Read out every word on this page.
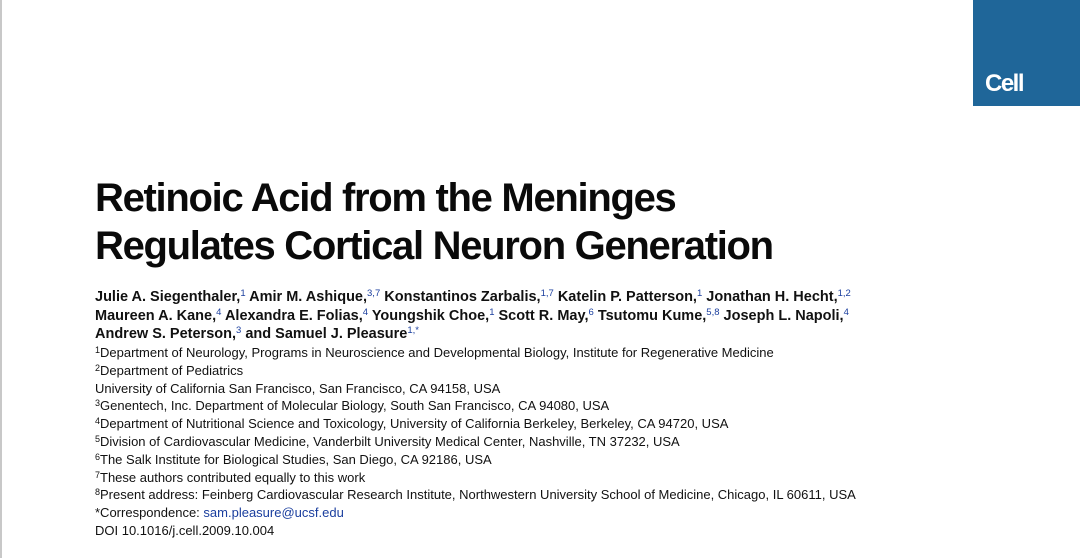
Cell
Retinoic Acid from the Meninges
Regulates Cortical Neuron Generation
Julie A. Siegenthaler,$^1$ Amir M. Ashique,$^{3,7}$ Konstantinos Zarbalis,$^{1,7}$ Katelin P. Patterson,$^1$ Jonathan H. Hecht,$^{1,2}$
Maureen A. Kane,$^4$ Alexandra E. Folias,$^4$ Youngshik Choe,$^1$ Scott R. May,$^6$ Tsutomu Kume,$^{5,8}$ Joseph L. Napoli,$^4$
Andrew S. Peterson,$^3$ and Samuel J. Pleasure$^{1,*}$
$^1$Department of Neurology, Programs in Neuroscience and Developmental Biology, Institute for Regenerative Medicine
$^2$Department of Pediatrics
University of California San Francisco, San Francisco, CA 94158, USA
$^3$Genentech, Inc. Department of Molecular Biology, South San Francisco, CA 94080, USA
$^4$Department of Nutritional Science and Toxicology, University of California Berkeley, Berkeley, CA 94720, USA
$^5$Division of Cardiovascular Medicine, Vanderbilt University Medical Center, Nashville, TN 37232, USA
$^6$The Salk Institute for Biological Studies, San Diego, CA 92186, USA
$^7$These authors contributed equally to this work
$^8$Present address: Feinberg Cardiovascular Research Institute, Northwestern University School of Medicine, Chicago, IL 60611, USA
*Correspondence: sam.pleasure@ucsf.edu
DOI 10.1016/j.cell.2009.10.004
